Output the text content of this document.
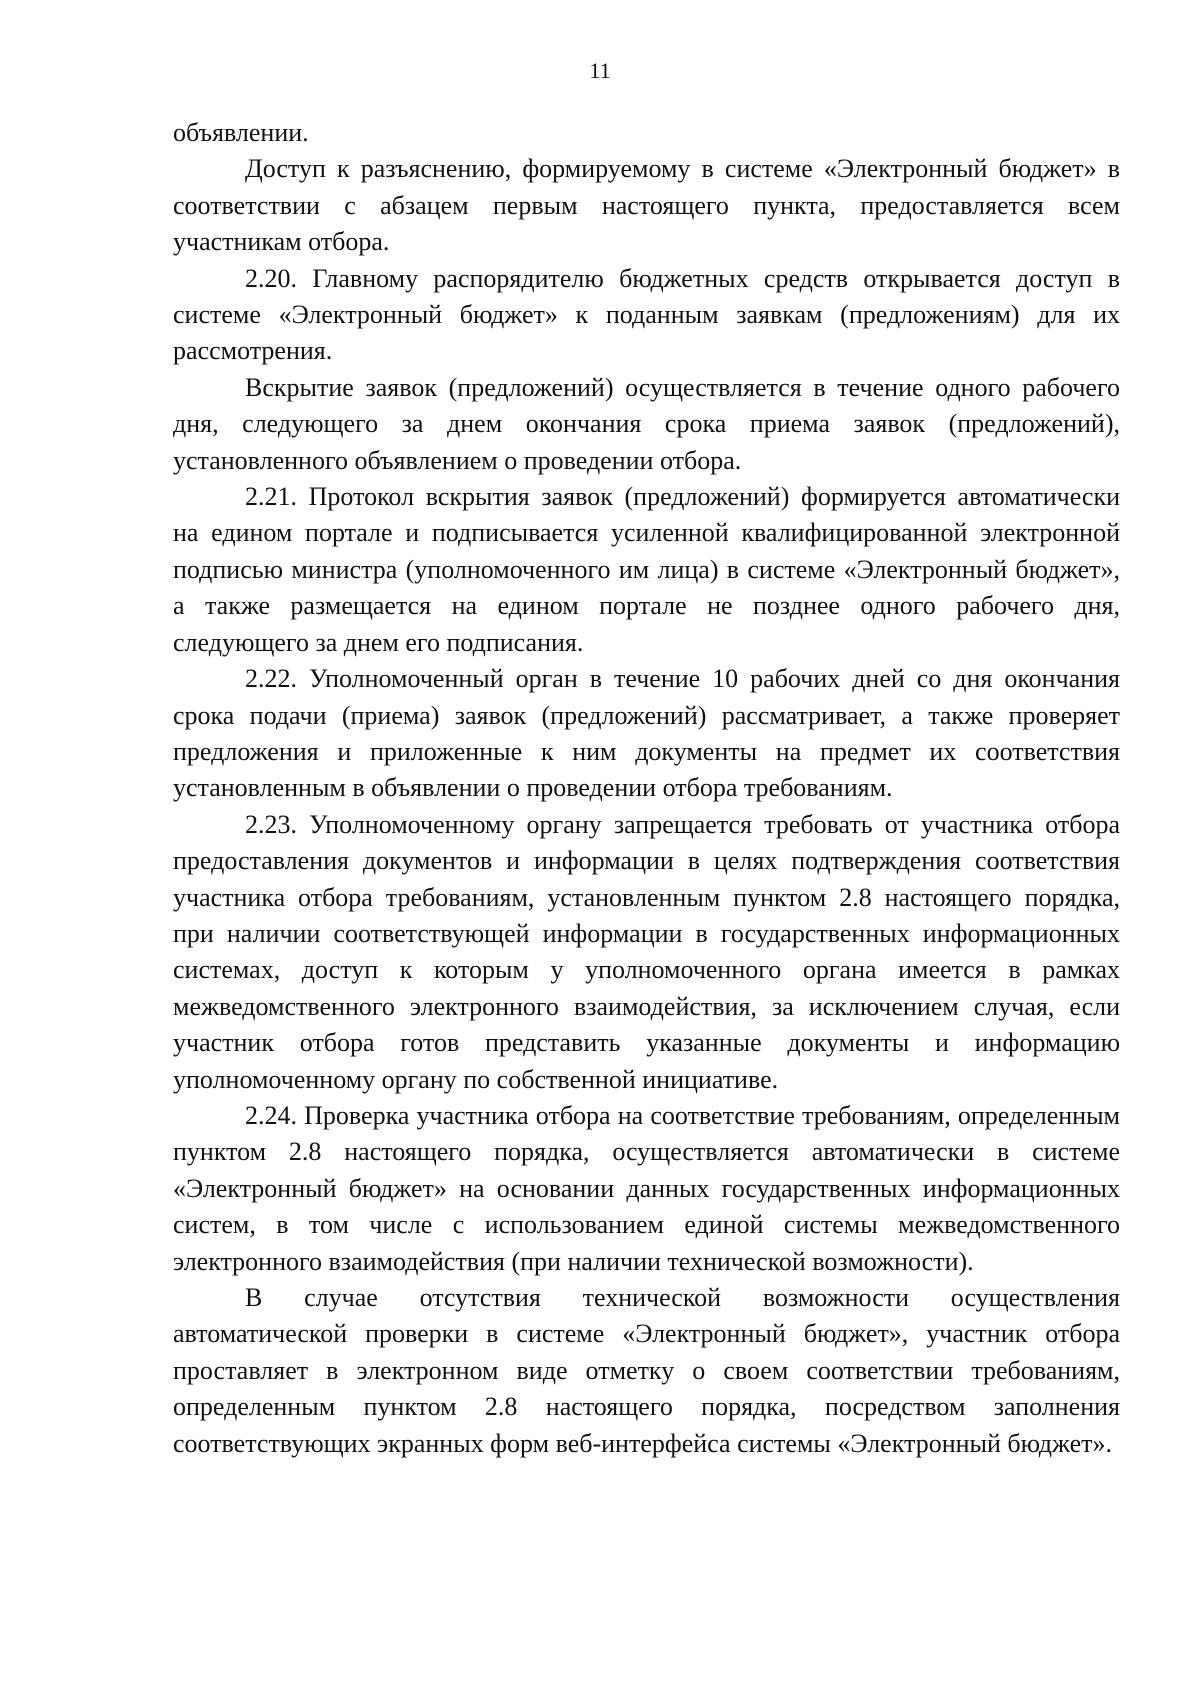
11

объявлении.

Доступ к разъяснению, формируемому в системе «Электронный бюджет» в соответствии с абзацем первым настоящего пункта, предоставляется всем участникам отбора.

2.20. Главному распорядителю бюджетных средств открывается доступ в системе «Электронный бюджет» к поданным заявкам (предложениям) для их рассмотрения.

Вскрытие заявок (предложений) осуществляется в течение одного рабочего дня, следующего за днем окончания срока приема заявок (предложений), установленного объявлением о проведении отбора.

2.21. Протокол вскрытия заявок (предложений) формируется автоматически на едином портале и подписывается усиленной квалифицированной электронной подписью министра (уполномоченного им лица) в системе «Электронный бюджет», а также размещается на едином портале не позднее одного рабочего дня, следующего за днем его подписания.

2.22. Уполномоченный орган в течение 10 рабочих дней со дня окончания срока подачи (приема) заявок (предложений) рассматривает, а также проверяет предложения и приложенные к ним документы на предмет их соответствия установленным в объявлении о проведении отбора требованиям.

2.23. Уполномоченному органу запрещается требовать от участника отбора предоставления документов и информации в целях подтверждения соответствия участника отбора требованиям, установленным пунктом 2.8 настоящего порядка, при наличии соответствующей информации в государственных информационных системах, доступ к которым у уполномоченного органа имеется в рамках межведомственного электронного взаимодействия, за исключением случая, если участник отбора готов представить указанные документы и информацию уполномоченному органу по собственной инициативе.

2.24. Проверка участника отбора на соответствие требованиям, определенным пунктом 2.8 настоящего порядка, осуществляется автоматически в системе «Электронный бюджет» на основании данных государственных информационных систем, в том числе с использованием единой системы межведомственного электронного взаимодействия (при наличии технической возможности).

В случае отсутствия технической возможности осуществления автоматической проверки в системе «Электронный бюджет», участник отбора проставляет в электронном виде отметку о своем соответствии требованиям, определенным пунктом 2.8 настоящего порядка, посредством заполнения соответствующих экранных форм веб-интерфейса системы «Электронный бюджет».
